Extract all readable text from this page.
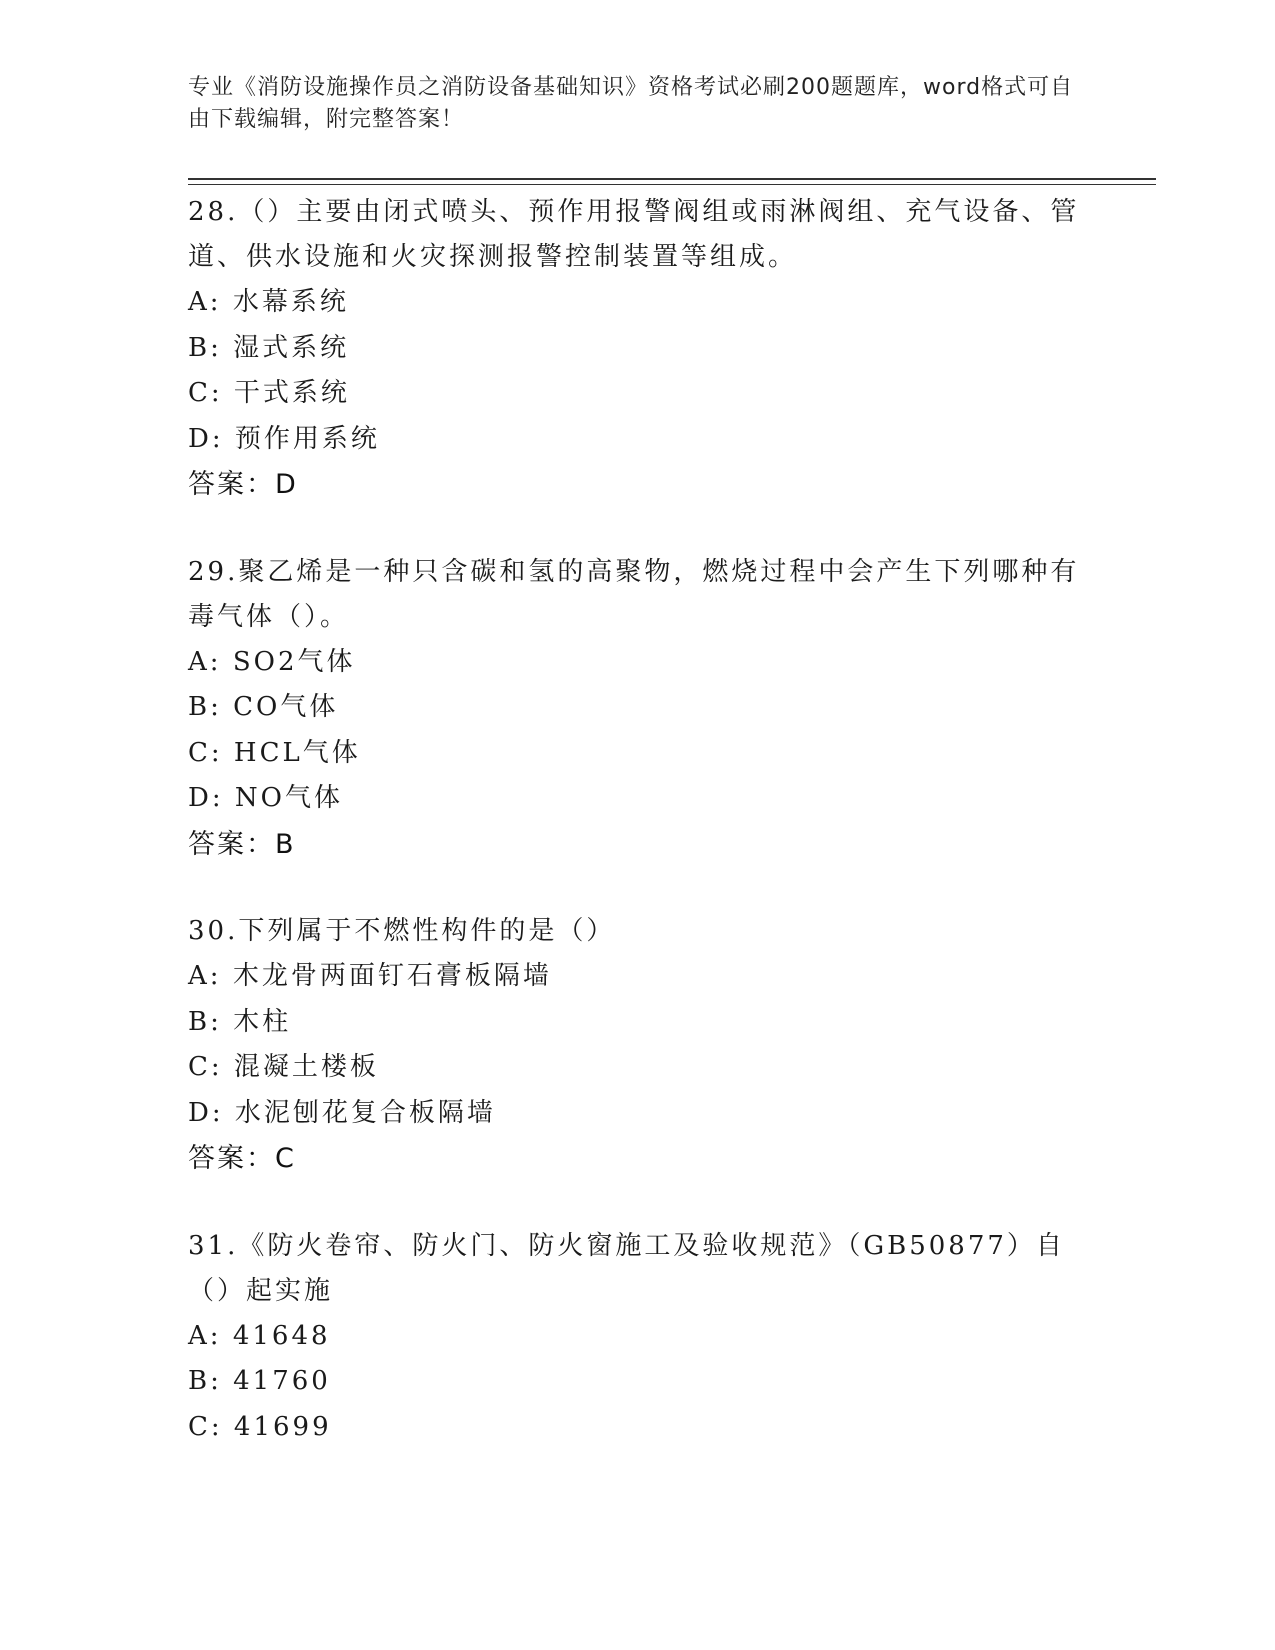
专业《消防设施操作员之消防设备基础知识》资格考试必刷200题题库，word格式可自由下载编辑，附完整答案！

28.（）主要由闭式喷头、预作用报警阀组或雨淋阀组、充气设备、管道、供水设施和火灾探测报警控制装置等组成。

A: 水幕系统
B: 湿式系统
C: 干式系统
D: 预作用系统
答案：D

29.聚乙烯是一种只含碳和氢的高聚物，燃烧过程中会产生下列哪种有毒气体（）。

A: SO2气体
B: CO气体
C: HCL气体
D: NO气体
答案：B

30.下列属于不燃性构件的是（）

A: 木龙骨两面钉石膏板隔墙
B: 木柱
C: 混凝土楼板
D: 水泥刨花复合板隔墙
答案：C

31.《防火卷帘、防火门、防火窗施工及验收规范》（GB50877）自（）起实施

A: 41648
B: 41760
C: 41699
